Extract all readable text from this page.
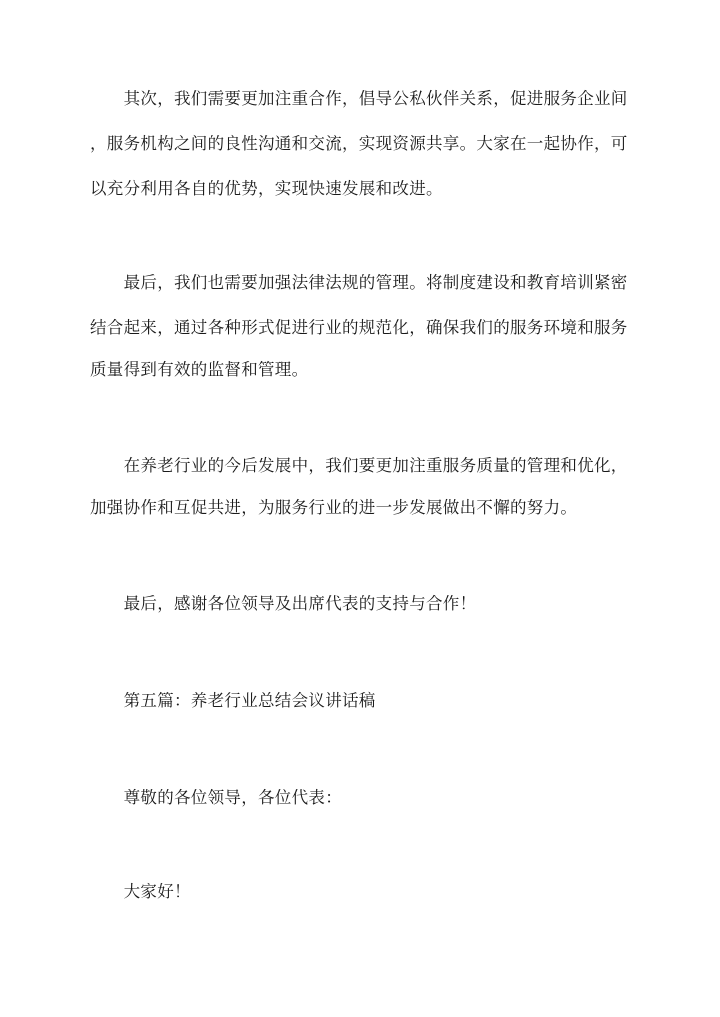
　　其次，我们需要更加注重合作，倡导公私伙伴关系，促进服务企业间
，服务机构之间的良性沟通和交流，实现资源共享。大家在一起协作，可
以充分利用各自的优势，实现快速发展和改进。
　　最后，我们也需要加强法律法规的管理。将制度建设和教育培训紧密
结合起来，通过各种形式促进行业的规范化，确保我们的服务环境和服务
质量得到有效的监督和管理。
　　在养老行业的今后发展中，我们要更加注重服务质量的管理和优化，
加强协作和互促共进，为服务行业的进一步发展做出不懈的努力。
　　最后，感谢各位领导及出席代表的支持与合作！
　　第五篇：养老行业总结会议讲话稿
　　尊敬的各位领导，各位代表：
　　大家好！
